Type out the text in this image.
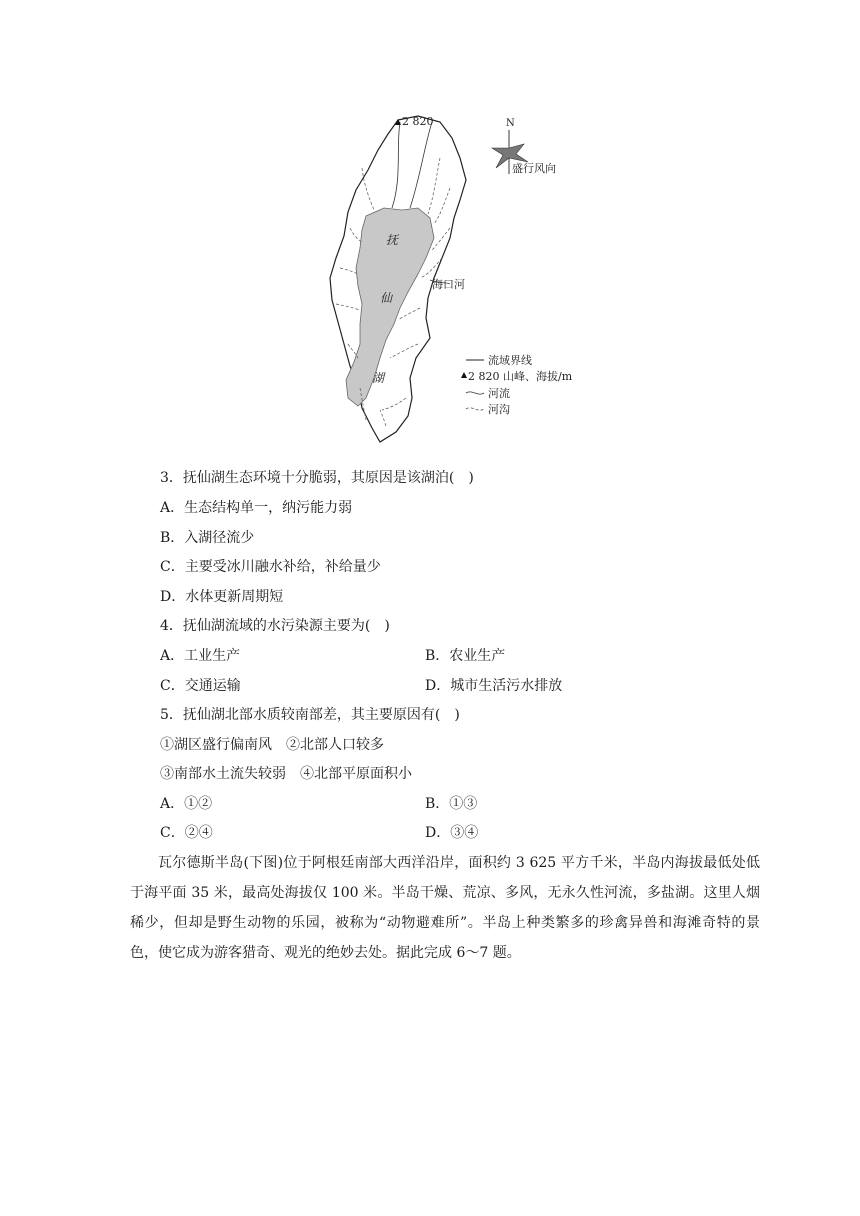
2 820
抚
仙
湖
海口河
N
盛行风向
流域界线
2 820 山峰、海拔/m
河流
河沟
3．抚仙湖生态环境十分脆弱，其原因是该湖泊(　)
A．生态结构单一，纳污能力弱
B．入湖径流少
C．主要受冰川融水补给，补给量少
D．水体更新周期短
4．抚仙湖流域的水污染源主要为(　)
A．工业生产	B．农业生产
C．交通运输	D．城市生活污水排放
5．抚仙湖北部水质较南部差，其主要原因有(　)
①湖区盛行偏南风　②北部人口较多
③南部水土流失较弱　④北部平原面积小
A．①②	B．①③
C．②④	D．③④

瓦尔德斯半岛(下图)位于阿根廷南部大西洋沿岸，面积约 3 625 平方千米，半岛内海拔最低处低于海平面 35 米，最高处海拔仅 100 米。半岛干燥、荒凉、多风，无永久性河流，多盐湖。这里人烟稀少，但却是野生动物的乐园，被称为“动物避难所”。半岛上种类繁多的珍禽异兽和海滩奇特的景色，使它成为游客猎奇、观光的绝妙去处。据此完成 6～7 题。
